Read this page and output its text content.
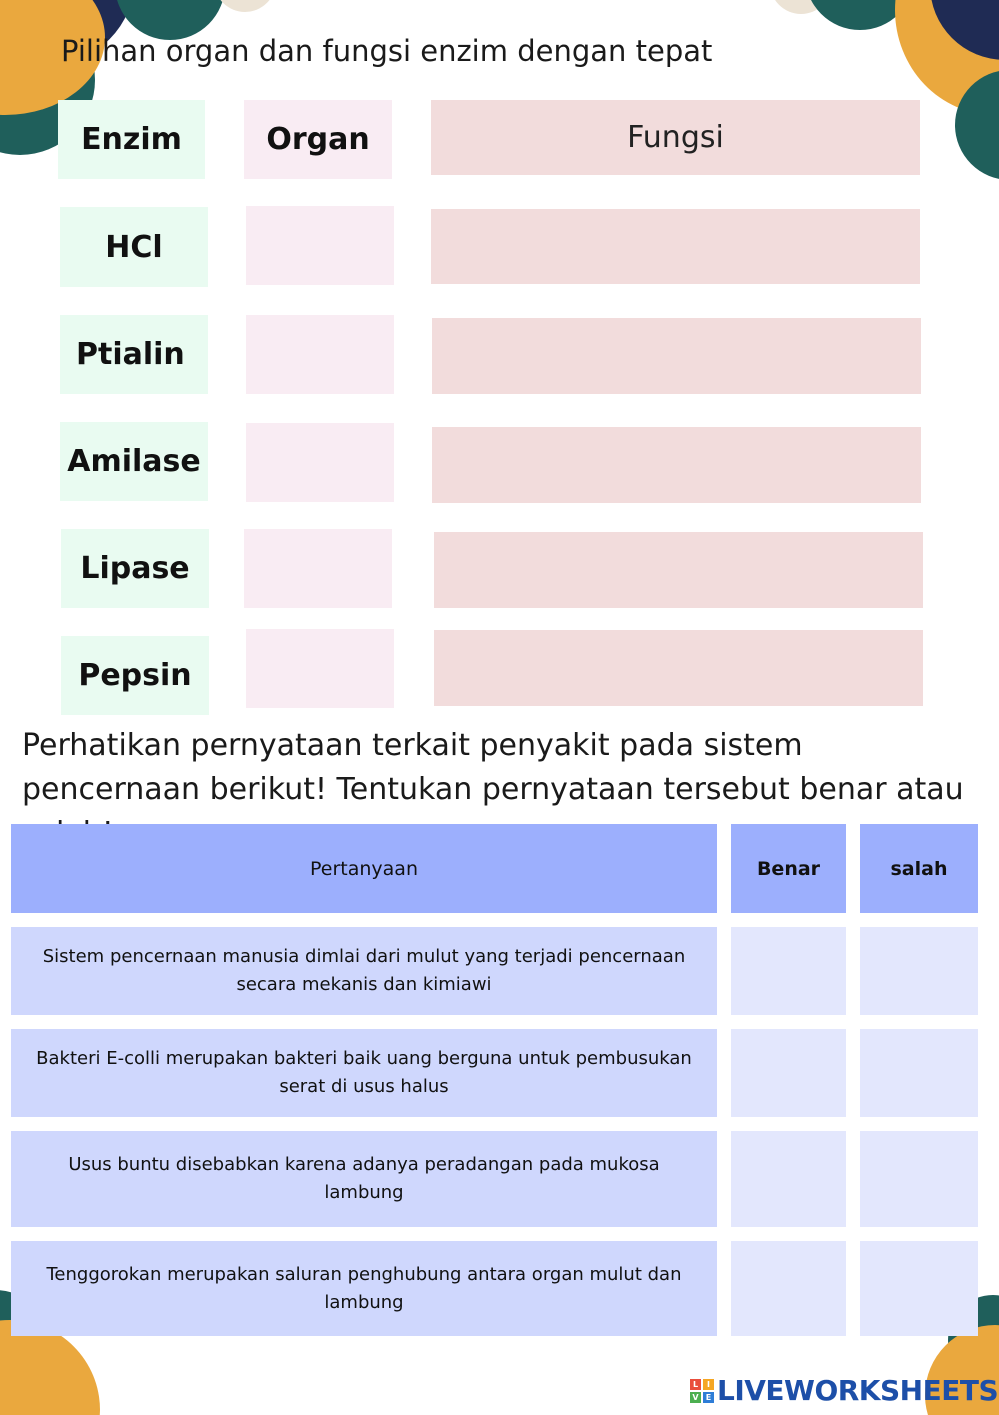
Pilihan organ dan fungsi enzim dengan tepat
Enzim	Organ	Fungsi
HCl
Ptialin
Amilase
Lipase
Pepsin
Perhatikan pernyataan terkait penyakit pada sistem pencernaan berikut! Tentukan pernyataan tersebut benar atau
Pertanyaan	Benar	salah
Sistem pencernaan manusia dimlai dari mulut yang terjadi pencernaan secara mekanis dan kimiawi
Bakteri E-colli merupakan bakteri baik uang berguna untuk pembusukan serat di usus halus
Usus buntu disebabkan karena adanya peradangan pada mukosa lambung
Tenggorokan merupakan saluran penghubung antara organ mulut dan lambung
L	I
V E LIVEWORKSHEETS
